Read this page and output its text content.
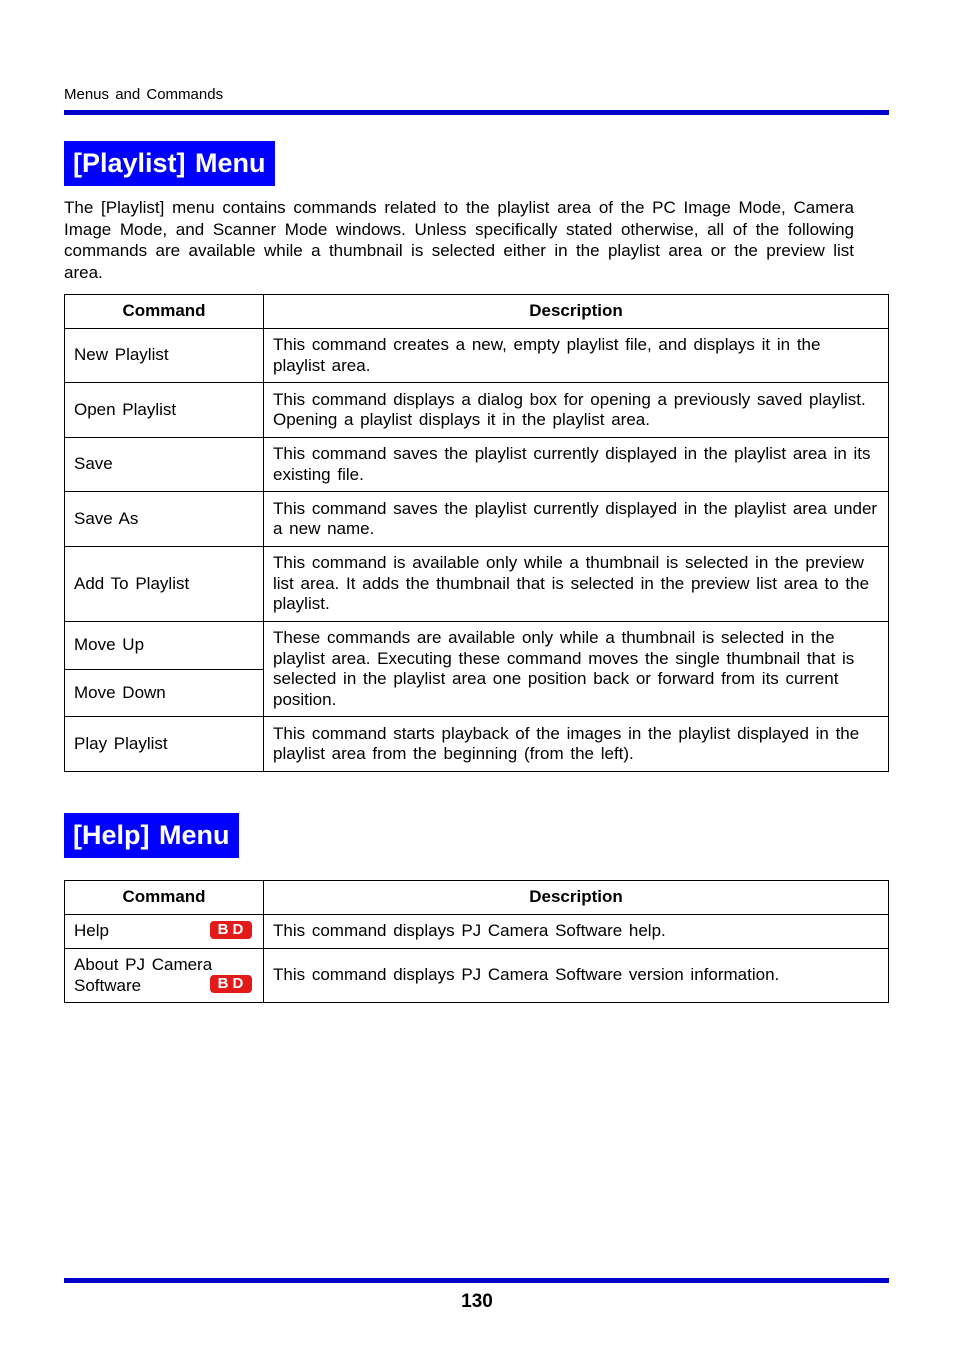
Menus and Commands
[Playlist] Menu

The [Playlist] menu contains commands related to the playlist area of the PC Image Mode, Camera Image Mode, and Scanner Mode windows. Unless specifically stated otherwise, all of the following commands are available while a thumbnail is selected either in the playlist area or the preview list area.

Command	Description
New Playlist	This command creates a new, empty playlist file, and displays it in the playlist area.
Open Playlist	This command displays a dialog box for opening a previously saved playlist. Opening a playlist displays it in the playlist area.
Save	This command saves the playlist currently displayed in the playlist area in its existing file.
Save As	This command saves the playlist currently displayed in the playlist area under a new name.
Add To Playlist	This command is available only while a thumbnail is selected in the preview list area. It adds the thumbnail that is selected in the preview list area to the playlist.
Move Up	These commands are available only while a thumbnail is selected in the playlist area. Executing these command moves the single thumbnail that is selected in the playlist area one position back or forward from its current position.
Move Down	
Play Playlist	This command starts playback of the images in the playlist displayed in the playlist area from the beginning (from the left).
[Help] Menu
Command	Description
Help BD	This command displays PJ Camera Software help.

About PJ Camera Software BD	This command displays PJ Camera Software version information.
130
